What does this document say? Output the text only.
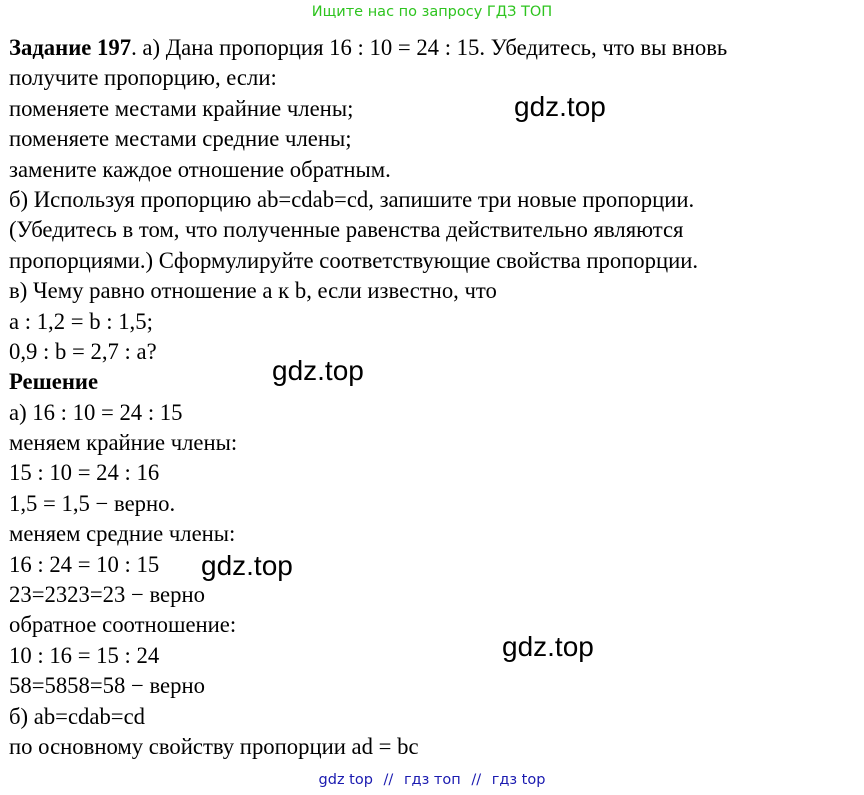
Ищите нас по запросу ГДЗ ТОП
Задание 197. а) Дана пропорция 16 : 10 = 24 : 15. Убедитесь, что вы вновь
получите пропорцию, если:
поменяете местами крайние члены;
поменяете местами средние члены;
замените каждое отношение обратным.
б) Используя пропорцию ab=cdab=cd, запишите три новые пропорции.
(Убедитесь в том, что полученные равенства действительно являются
пропорциями.) Сформулируйте соответствующие свойства пропорции.
в) Чему равно отношение a к b, если известно, что
a : 1,2 = b : 1,5;
0,9 : b = 2,7 : a?
Решение
а) 16 : 10 = 24 : 15
меняем крайние члены:
15 : 10 = 24 : 16
1,5 = 1,5 − верно.
меняем средние члены:
16 : 24 = 10 : 15
23=2323=23 − верно
обратное соотношение:
10 : 16 = 15 : 24
58=5858=58 − верно
б) ab=cdab=cd
по основному свойству пропорции ad = bc
gdz.top
gdz.top
gdz.top
gdz.top
gdz top // гдз топ // гдз top
